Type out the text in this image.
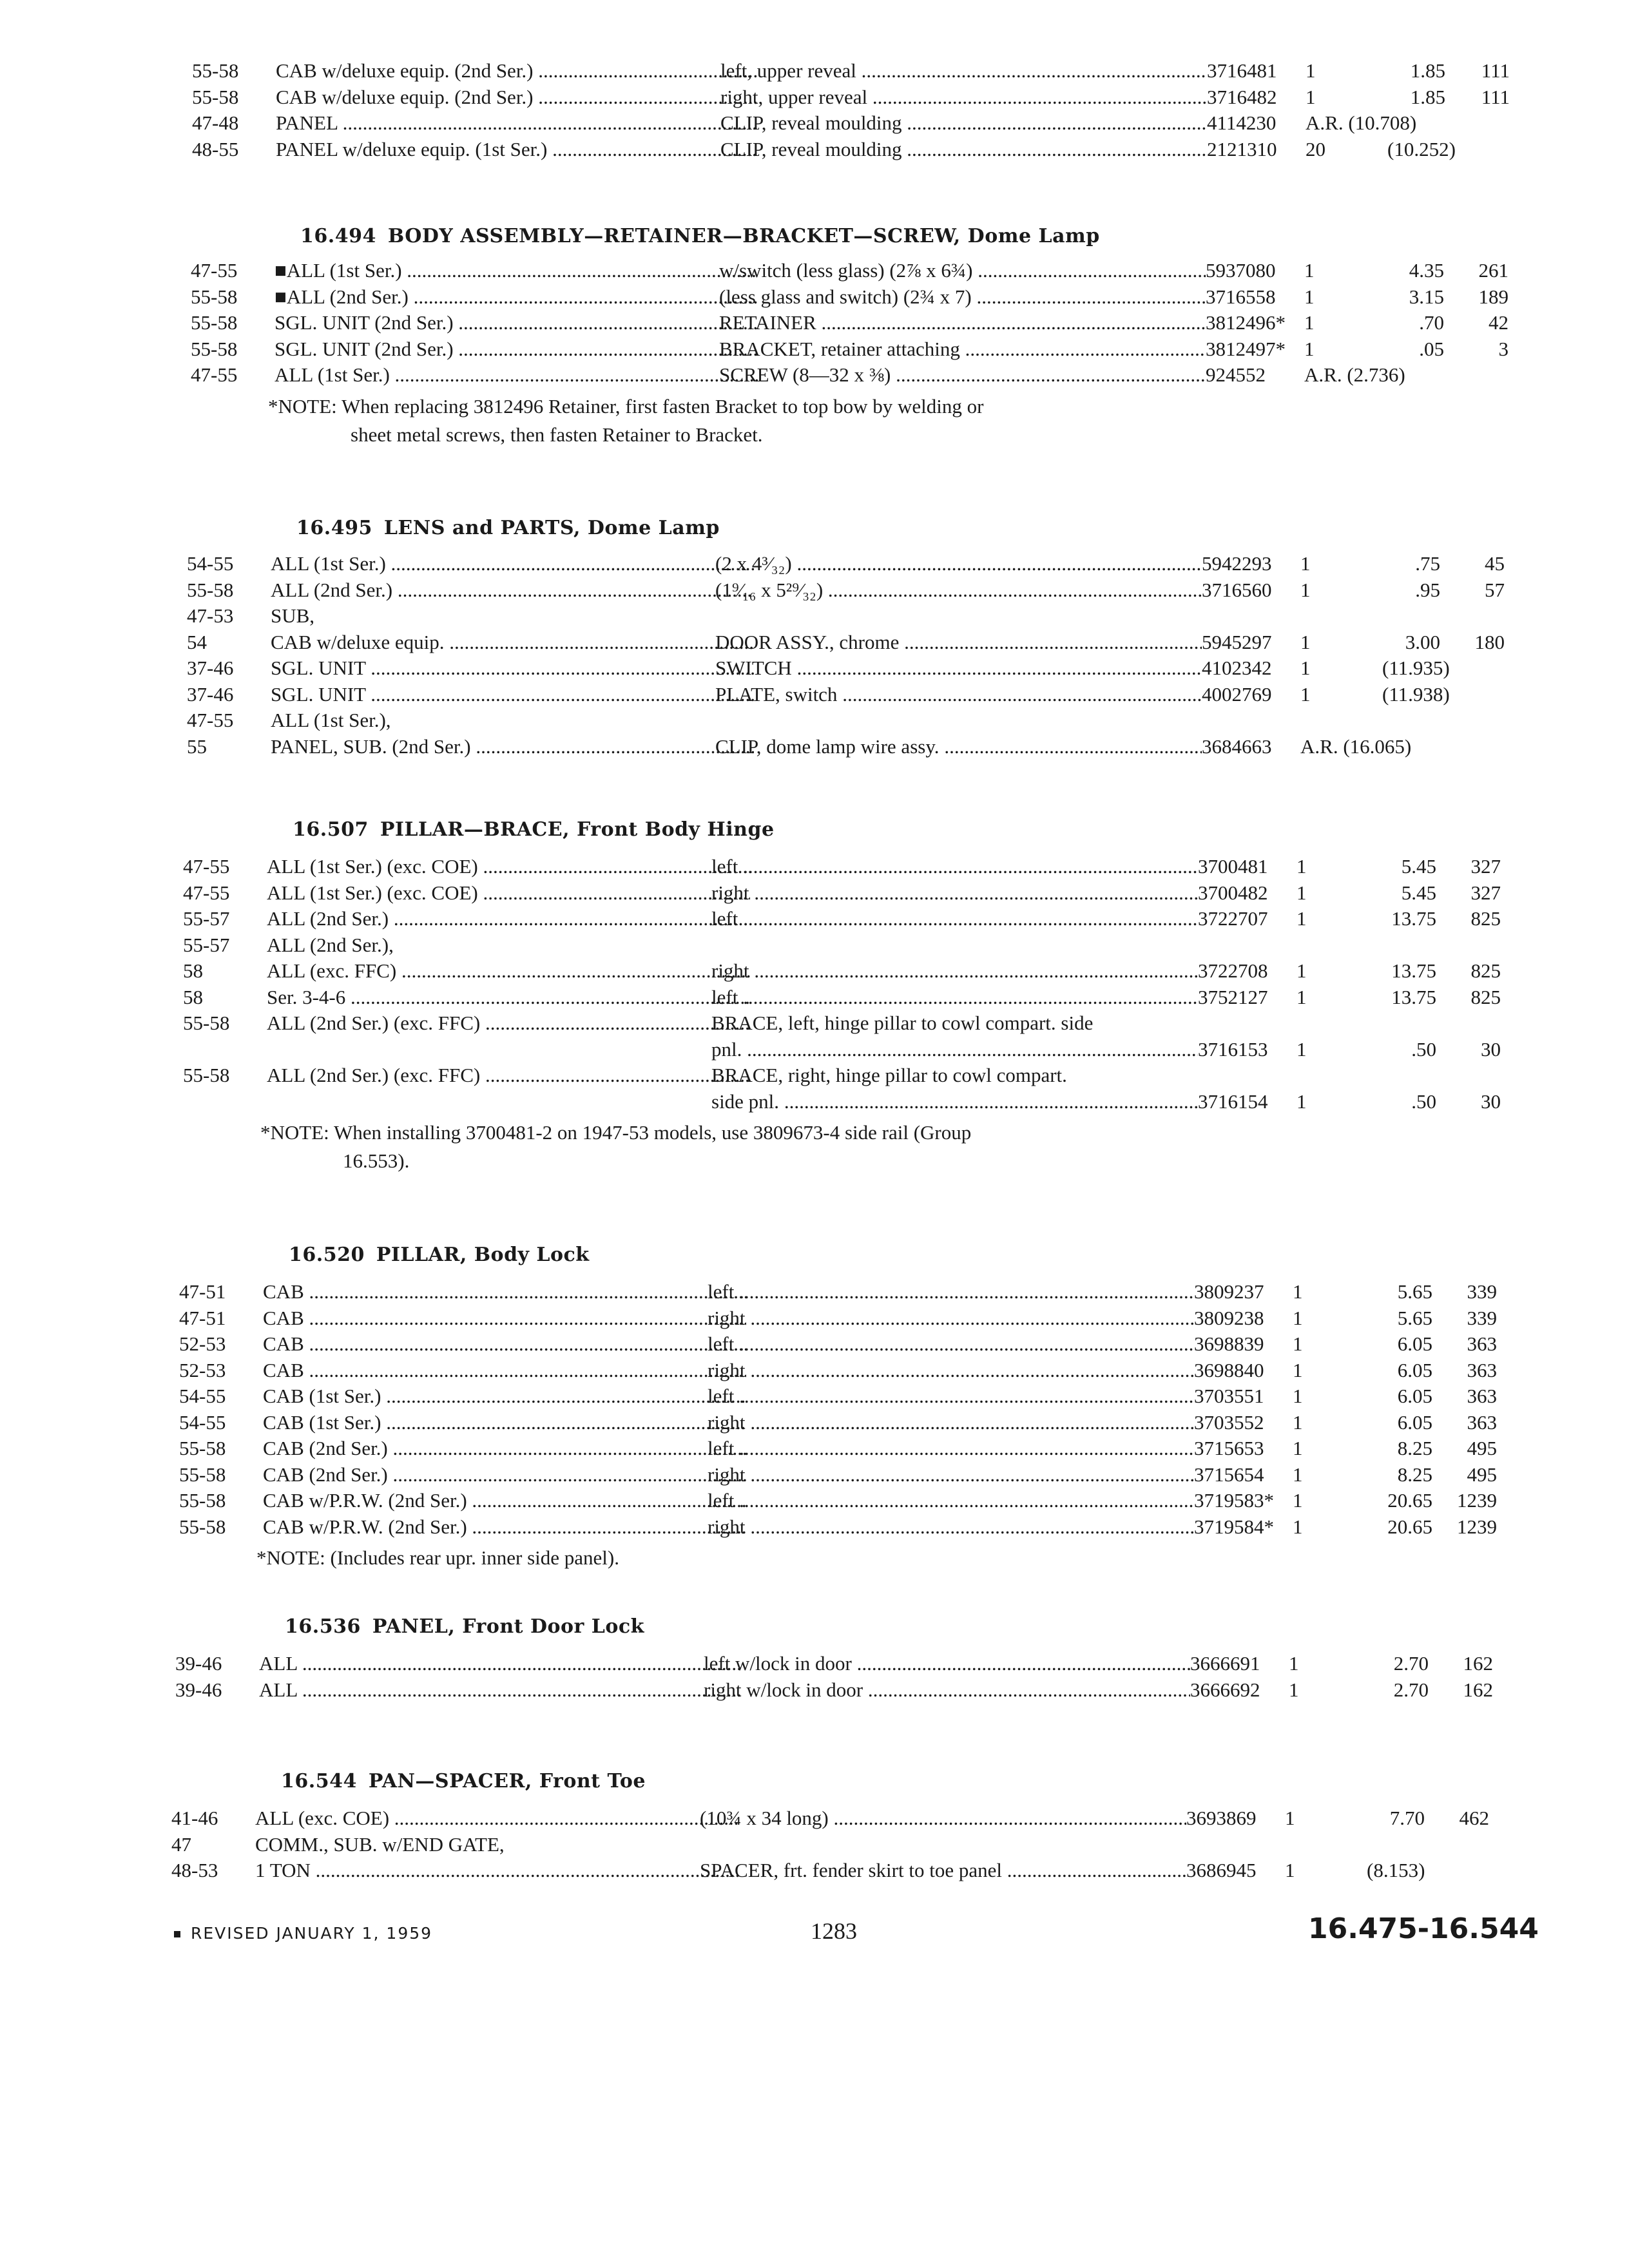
55-58	CAB w/deluxe equip. (2nd Ser.) .....	left, upper reveal .....	3716481	1	1.85	111
55-58	CAB w/deluxe equip. (2nd Ser.) .....	right, upper reveal .....	3716482	1	1.85	111
47-48	PANEL .....	CLIP, reveal moulding .....	4114230	A.R. (10.708)
48-55	PANEL w/deluxe equip. (1st Ser.) .....	CLIP, reveal moulding .....	2121310	20	(10.252)
16.494 BODY ASSEMBLY—RETAINER—BRACKET—SCREW, Dome Lamp
47-55	■ALL (1st Ser.) .....	w/switch (less glass) (2⅞ x 6¾) .....	5937080	1	4.35	261
55-58	■ALL (2nd Ser.) .....	(less glass and switch) (2¾ x 7) .....	3716558	1	3.15	189
55-58	SGL. UNIT (2nd Ser.) .....	RETAINER .....	3812496* 1	.70	42
55-58	SGL. UNIT (2nd Ser.) .....	BRACKET, retainer attaching .....	3812497* 1	.05	3
47-55	ALL (1st Ser.) .....	SCREW (8—32 x ⅜) .....	924552	A.R. (2.736)
*NOTE: When replacing 3812496 Retainer, first fasten Bracket to top bow by welding or
sheet metal screws, then fasten Retainer to Bracket.
16.495 LENS and PARTS, Dome Lamp
54-55	ALL (1st Ser.) .....	(2 x 4³⁄₃₂) .....	5942293	1	.75	45
55-58	ALL (2nd Ser.) .....	(1⁹⁄₁₆ x 5²⁹⁄₃₂) .....	3716560	1	.95	57
47-53	SUB,
54	CAB w/deluxe equip. .....	DOOR ASSY., chrome .....	5945297	1	3.00	180
37-46	SGL. UNIT .....	SWITCH .....	4102342	1	(11.935)
37-46	SGL. UNIT .....	PLATE, switch .....	4002769	1	(11.938)
47-55	ALL (1st Ser.),
55	PANEL, SUB. (2nd Ser.) .....	CLIP, dome lamp wire assy. .....	3684663	A.R. (16.065)
16.507 PILLAR—BRACE, Front Body Hinge
47-55	ALL (1st Ser.) (exc. COE) .....	left .....	3700481	1	5.45	327
47-55	ALL (1st Ser.) (exc. COE) .....	right .....	3700482	1	5.45	327
55-57	ALL (2nd Ser.) .....	left .....	3722707	1	13.75	825
55-57	ALL (2nd Ser.),
58	ALL (exc. FFC) .....	right .....	3722708	1	13.75	825
58	Ser. 3-4-6 .....	left .....	3752127	1	13.75	825
55-58	ALL (2nd Ser.) (exc. FFC) .....	BRACE, left, hinge pillar to cowl compart. side
pnl. .....	3716153	1	.50	30
55-58	ALL (2nd Ser.) (exc. FFC) .....	BRACE, right, hinge pillar to cowl compart.
side pnl. .....	3716154	1	.50	30
*NOTE: When installing 3700481-2 on 1947-53 models, use 3809673-4 side rail (Group
16.553).
16.520 PILLAR, Body Lock
47-51	CAB .....	left .....	3809237	1	5.65	339
47-51	CAB .....	right .....	3809238	1	5.65	339
52-53	CAB .....	left .....	3698839	1	6.05	363
52-53	CAB .....	right .....	3698840	1	6.05	363
54-55	CAB (1st Ser.) .....	left .....	3703551	1	6.05	363
54-55	CAB (1st Ser.) .....	right .....	3703552	1	6.05	363
55-58	CAB (2nd Ser.) .....	left .....	3715653	1	8.25	495
55-58	CAB (2nd Ser.) .....	right .....	3715654	1	8.25	495
55-58	CAB w/P.R.W. (2nd Ser.) .....	left .....	3719583* 1	20.65 1239
55-58	CAB w/P.R.W. (2nd Ser.) .....	right .....	3719584* 1	20.65 1239
*NOTE: (Includes rear upr. inner side panel).
16.536 PANEL, Front Door Lock
39-46	ALL .....	left w/lock in door .....	3666691	1	2.70	162
39-46	ALL .....	right w/lock in door .....	3666692	1	2.70	162
16.544 PAN—SPACER, Front Toe
41-46	ALL (exc. COE) .....	(10¾ x 34 long) .....	3693869	1	7.70	462
47	COMM., SUB. w/END GATE,
48-53	1 TON .....	SPACER, frt. fender skirt to toe panel .....	3686945	1	(8.153)
REVISED JANUARY 1, 1959	1283	16.475-16.544
